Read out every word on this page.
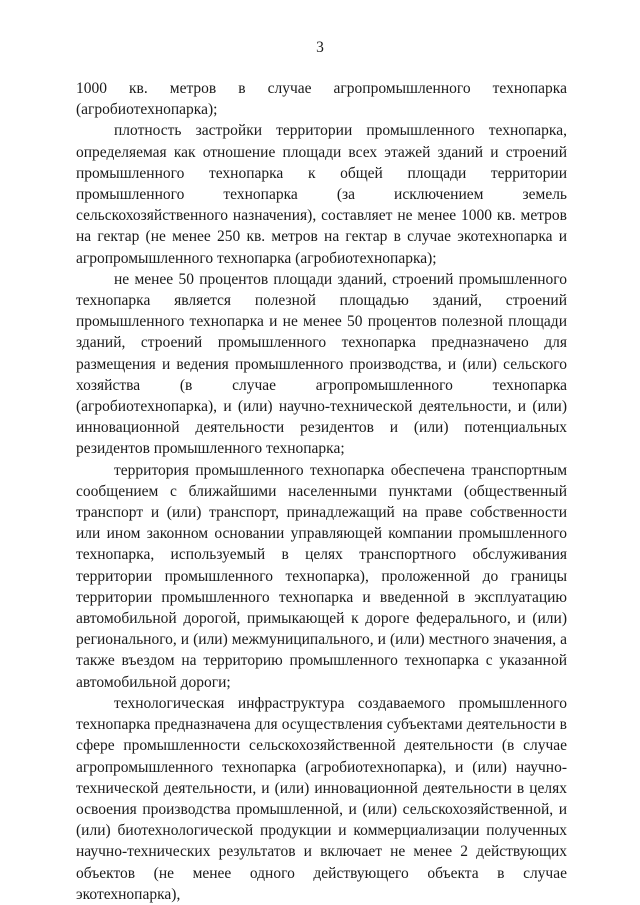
3

1000 кв. метров в случае агропромышленного технопарка (агробиотехнопарка);

плотность застройки территории промышленного технопарка, определяемая как отношение площади всех этажей зданий и строений промышленного технопарка к общей площади территории промышленного технопарка (за исключением земель сельскохозяйственного назначения), составляет не менее 1000 кв. метров на гектар (не менее 250 кв. метров на гектар в случае экотехнопарка и агропромышленного технопарка (агробиотехнопарка);

не менее 50 процентов площади зданий, строений промышленного технопарка является полезной площадью зданий, строений промышленного технопарка и не менее 50 процентов полезной площади зданий, строений промышленного технопарка предназначено для размещения и ведения промышленного производства, и (или) сельского хозяйства (в случае агропромышленного технопарка (агробиотехнопарка), и (или) научно-технической деятельности, и (или) инновационной деятельности резидентов и (или) потенциальных резидентов промышленного технопарка;

территория промышленного технопарка обеспечена транспортным сообщением с ближайшими населенными пунктами (общественный транспорт и (или) транспорт, принадлежащий на праве собственности или ином законном основании управляющей компании промышленного технопарка, используемый в целях транспортного обслуживания территории промышленного технопарка), проложенной до границы территории промышленного технопарка и введенной в эксплуатацию автомобильной дорогой, примыкающей к дороге федерального, и (или) регионального, и (или) межмуниципального, и (или) местного значения, а также въездом на территорию промышленного технопарка с указанной автомобильной дороги;

технологическая инфраструктура создаваемого промышленного технопарка предназначена для осуществления субъектами деятельности в сфере промышленности сельскохозяйственной деятельности (в случае агропромышленного технопарка (агробиотехнопарка), и (или) научно-технической деятельности, и (или) инновационной деятельности в целях освоения производства промышленной, и (или) сельскохозяйственной, и (или) биотехнологической продукции и коммерциализации полученных научно-технических результатов и включает не менее 2 действующих объектов (не менее одного действующего объекта в случае экотехнопарка),
